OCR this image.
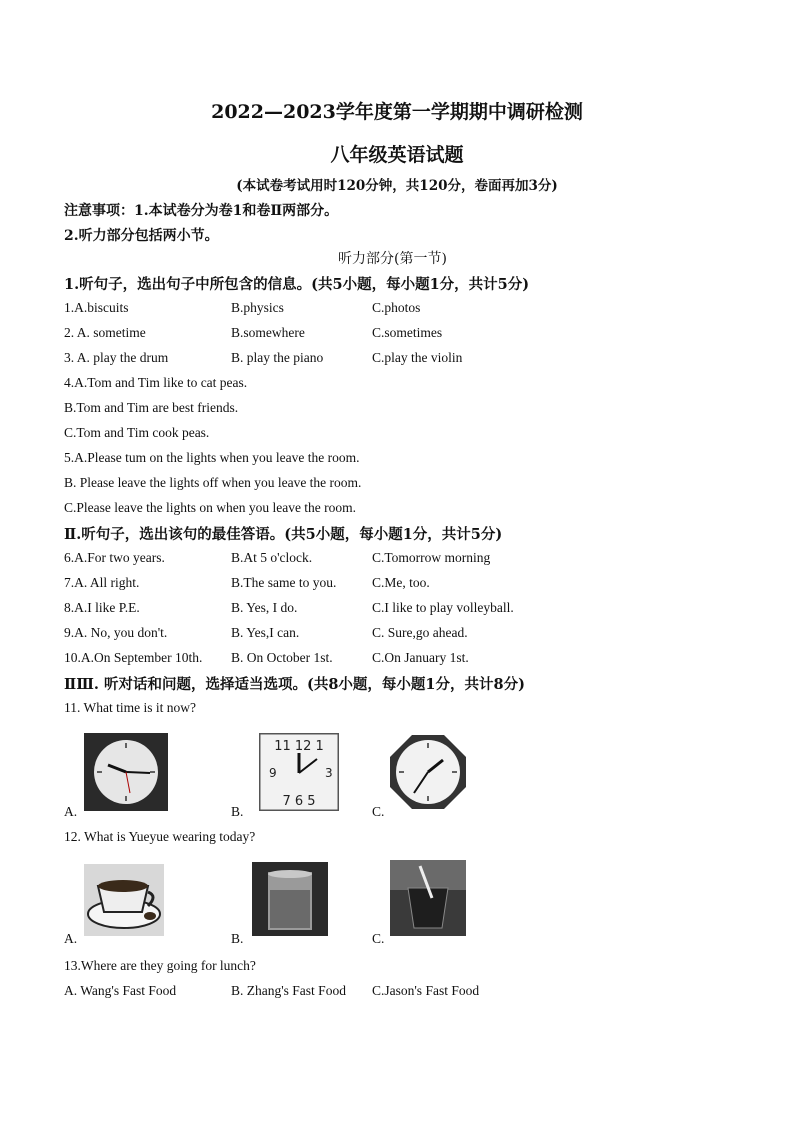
2022—2023学年度第一学期期中调研检测
八年级英语试题
(本试卷考试用时120分钟，共120分，卷面再加3分)
注意事项：1.本试卷分为卷1和卷Ⅱ两部分。
2.听力部分包括两小节。
听力部分(第一节)
1.听句子，选出句子中所包含的信息。(共5小题，每小题1分，共计5分)
1.A.biscuits	B.physics	C.photos
2. A. sometime	B.somewhere	C.sometimes
3. A. play the drum	B. play the piano	C.play the violin
4.A.Tom and Tim like to cat peas.
B.Tom and Tim are best friends.
C.Tom and Tim cook peas.
5.A.Please tum on the lights when you leave the room.
B. Please leave the lights off when you leave the room.
C.Please leave the lights on when you leave the room.
Ⅱ.听句子，选出该句的最佳答语。(共5小题，每小题1分，共计5分)
6.A.For two years.	B.At 5 o'clock.	C.Tomorrow morning
7.A. All right.	B.The same to you.	C.Me, too.
8.A.I like P.E.	B. Yes, I do.	C.I like to play volleyball.
9.A. No, you don't.	B. Yes,I can.	C. Sure,go ahead.
10.A.On September 10th. B. On October 1st.	C.On January 1st.
ⅡⅢ. 听对话和问题，选择适当选项。(共8小题，每小题1分，共计8分)
11. What time is it now?
11 12 1
9	3
7 6 5
A.	B.	C.
12. What is Yueyue wearing today?
A.	B.	C.
13.Where are they going for lunch?
A. Wang's Fast Food	B. Zhang's Fast Food C.Jason's Fast Food
